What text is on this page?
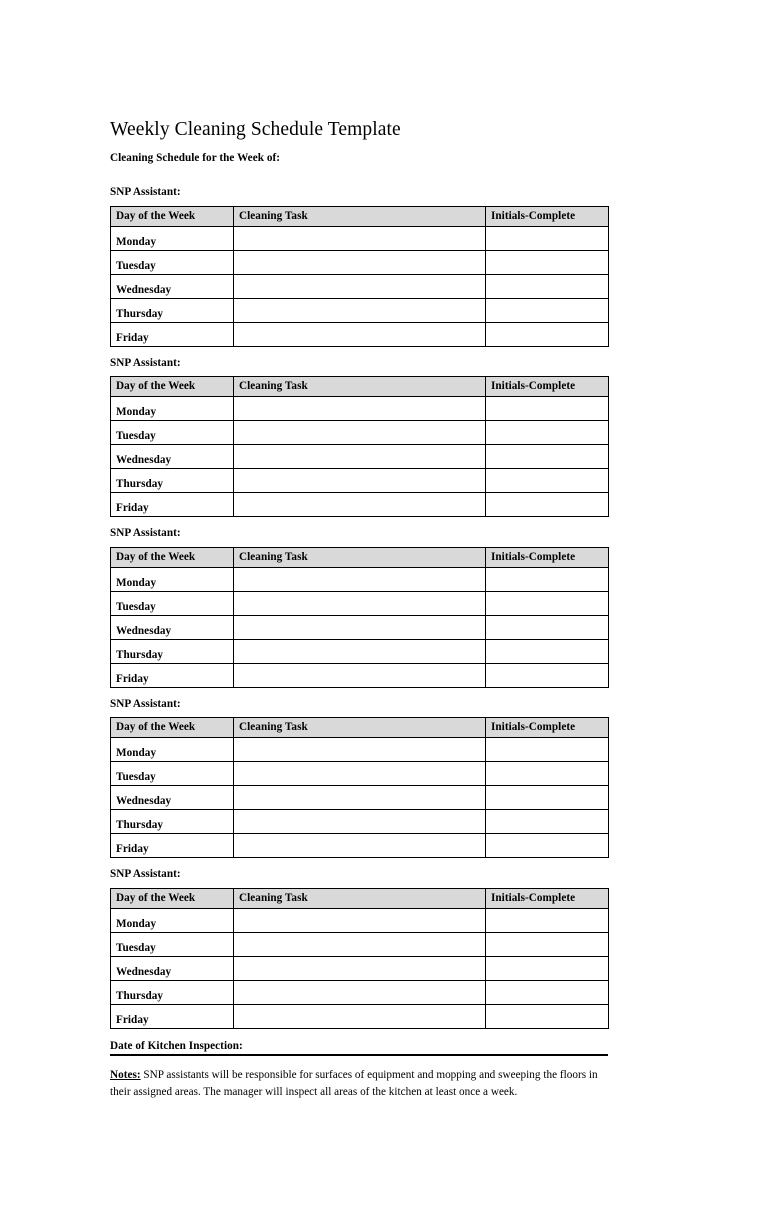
Weekly Cleaning Schedule Template
Cleaning Schedule for the Week of:
SNP Assistant:
Day of the Week	Cleaning Task	Initials-Complete
Monday		
Tuesday		
Wednesday		
Thursday		
Friday		
SNP Assistant:
Day of the Week	Cleaning Task	Initials-Complete
Monday		
Tuesday		
Wednesday		
Thursday		
Friday		
SNP Assistant:
Day of the Week	Cleaning Task	Initials-Complete
Monday		
Tuesday		
Wednesday		
Thursday		
Friday		
SNP Assistant:
Day of the Week	Cleaning Task	Initials-Complete
Monday		
Tuesday		
Wednesday		
Thursday		
Friday		
SNP Assistant:
Day of the Week	Cleaning Task	Initials-Complete
Monday		
Tuesday		
Wednesday		
Thursday		
Friday		
Date of Kitchen Inspection:

Notes: SNP assistants will be responsible for surfaces of equipment and mopping and sweeping the floors in their assigned areas. The manager will inspect all areas of the kitchen at least once a week.
